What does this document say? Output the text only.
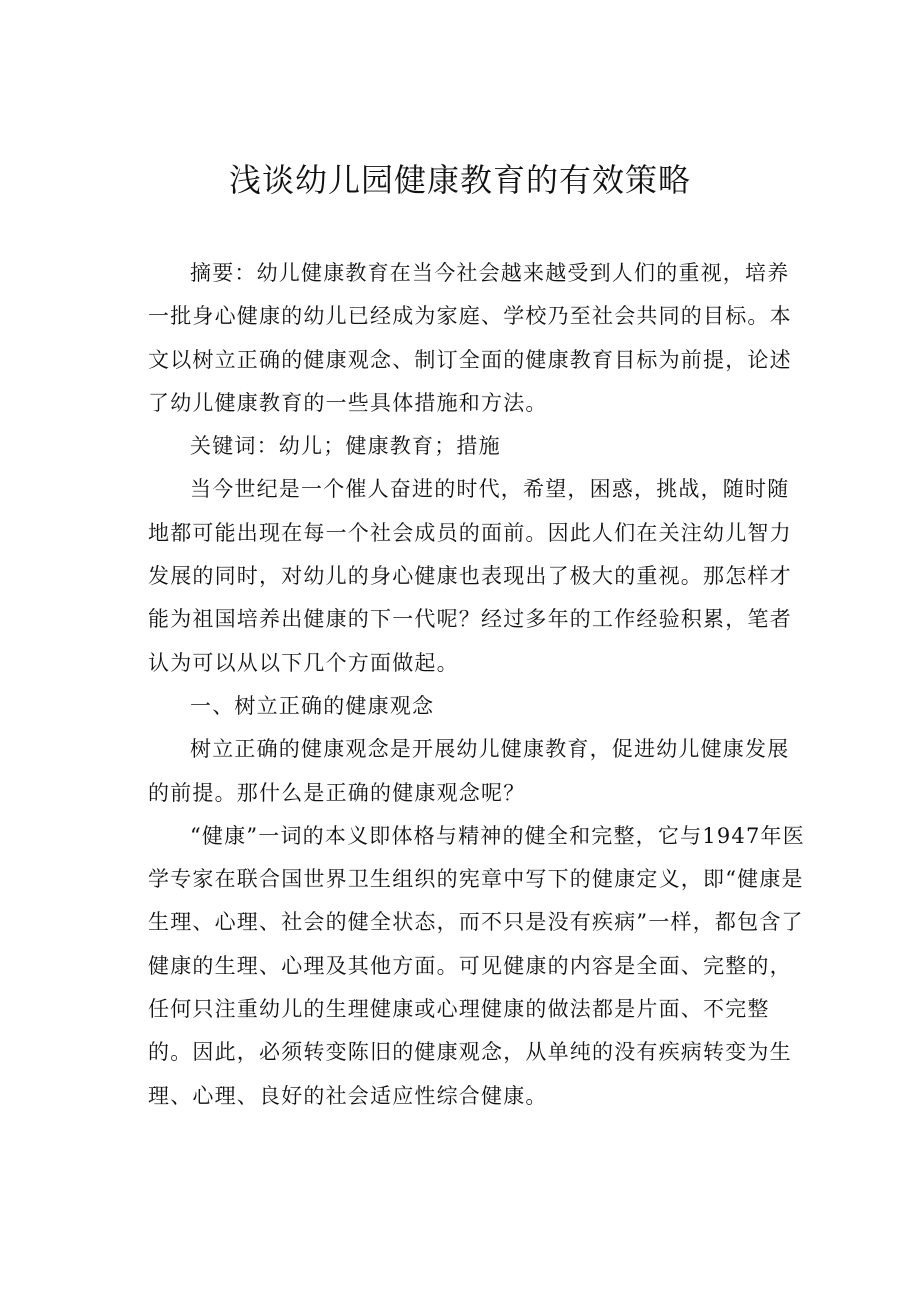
浅谈幼儿园健康教育的有效策略

摘要：幼儿健康教育在当今社会越来越受到人们的重视，培养一批身心健康的幼儿已经成为家庭、学校乃至社会共同的目标。本文以树立正确的健康观念、制订全面的健康教育目标为前提，论述了幼儿健康教育的一些具体措施和方法。

关键词：幼儿；健康教育；措施

当今世纪是一个催人奋进的时代，希望，困惑，挑战，随时随地都可能出现在每一个社会成员的面前。因此人们在关注幼儿智力发展的同时，对幼儿的身心健康也表现出了极大的重视。那怎样才能为祖国培养出健康的下一代呢？经过多年的工作经验积累，笔者认为可以从以下几个方面做起。

一、树立正确的健康观念

树立正确的健康观念是开展幼儿健康教育，促进幼儿健康发展的前提。那什么是正确的健康观念呢？

“健康”一词的本义即体格与精神的健全和完整，它与1947年医学专家在联合国世界卫生组织的宪章中写下的健康定义，即“健康是生理、心理、社会的健全状态，而不只是没有疾病”一样，都包含了健康的生理、心理及其他方面。可见健康的内容是全面、完整的，任何只注重幼儿的生理健康或心理健康的做法都是片面、不完整的。因此，必须转变陈旧的健康观念，从单纯的没有疾病转变为生理、心理、良好的社会适应性综合健康。
